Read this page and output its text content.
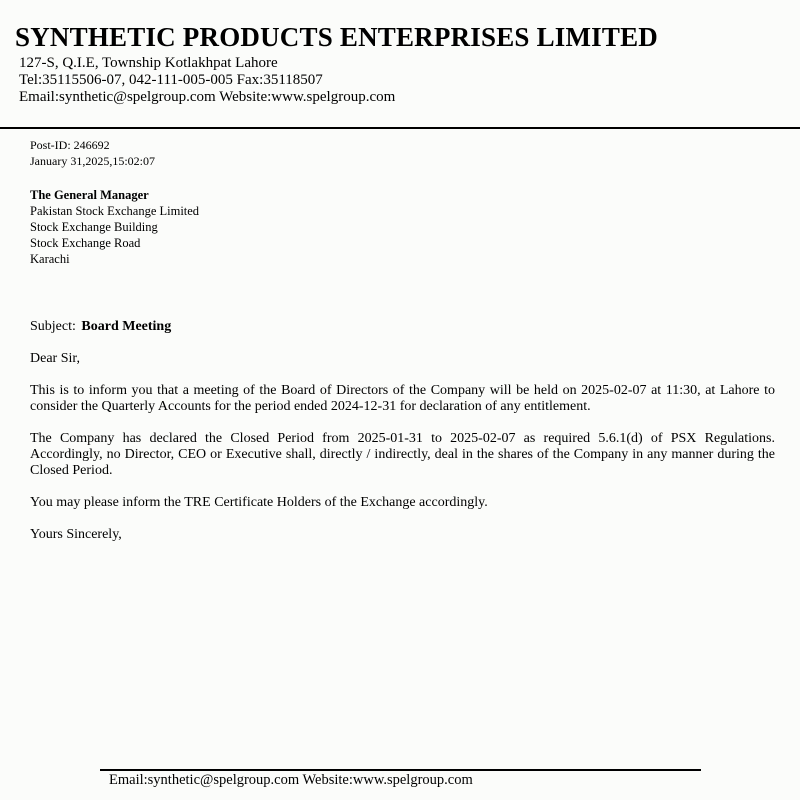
SYNTHETIC PRODUCTS ENTERPRISES LIMITED
127-S, Q.I.E, Township Kotlakhpat Lahore
Tel:35115506-07, 042-111-005-005 Fax:35118507
Email:synthetic@spelgroup.com Website:www.spelgroup.com
Post-ID: 246692
January 31,2025,15:02:07
The General Manager
Pakistan Stock Exchange Limited
Stock Exchange Building
Stock Exchange Road
Karachi
Subject: Board Meeting
Dear Sir,
This is to inform you that a meeting of the Board of Directors of the Company will be held on 2025-02-07 at 11:30, at Lahore to consider the Quarterly Accounts for the period ended 2024-12-31 for declaration of any entitlement.
The Company has declared the Closed Period from 2025-01-31 to 2025-02-07 as required 5.6.1(d) of PSX Regulations. Accordingly, no Director, CEO or Executive shall, directly / indirectly, deal in the shares of the Company in any manner during the Closed Period.
You may please inform the TRE Certificate Holders of the Exchange accordingly.
Yours Sincerely,
Email:synthetic@spelgroup.com Website:www.spelgroup.com
